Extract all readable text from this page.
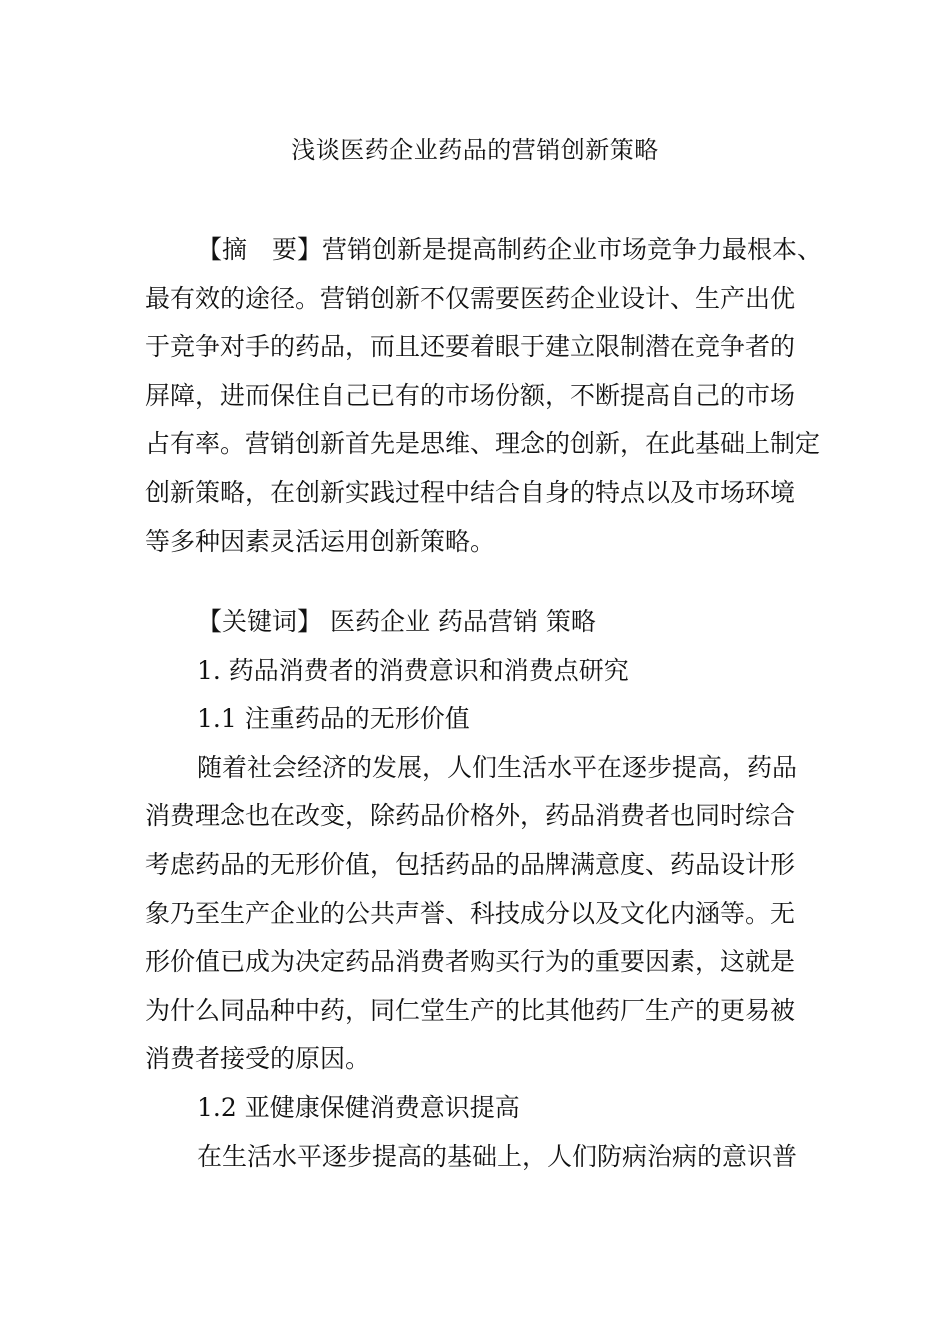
浅谈医药企业药品的营销创新策略
【摘　要】营销创新是提高制药企业市场竞争力最根本、
最有效的途径。营销创新不仅需要医药企业设计、生产出优
于竞争对手的药品，而且还要着眼于建立限制潜在竞争者的
屏障，进而保住自己已有的市场份额，不断提高自己的市场
占有率。营销创新首先是思维、理念的创新，在此基础上制定
创新策略，在创新实践过程中结合自身的特点以及市场环境
等多种因素灵活运用创新策略。
【关键词】 医药企业 药品营销 策略
1. 药品消费者的消费意识和消费点研究
1.1 注重药品的无形价值
随着社会经济的发展，人们生活水平在逐步提高，药品
消费理念也在改变，除药品价格外，药品消费者也同时综合
考虑药品的无形价值，包括药品的品牌满意度、药品设计形
象乃至生产企业的公共声誉、科技成分以及文化内涵等。无
形价值已成为决定药品消费者购买行为的重要因素，这就是
为什么同品种中药，同仁堂生产的比其他药厂生产的更易被
消费者接受的原因。
1.2 亚健康保健消费意识提高
在生活水平逐步提高的基础上，人们防病治病的意识普
